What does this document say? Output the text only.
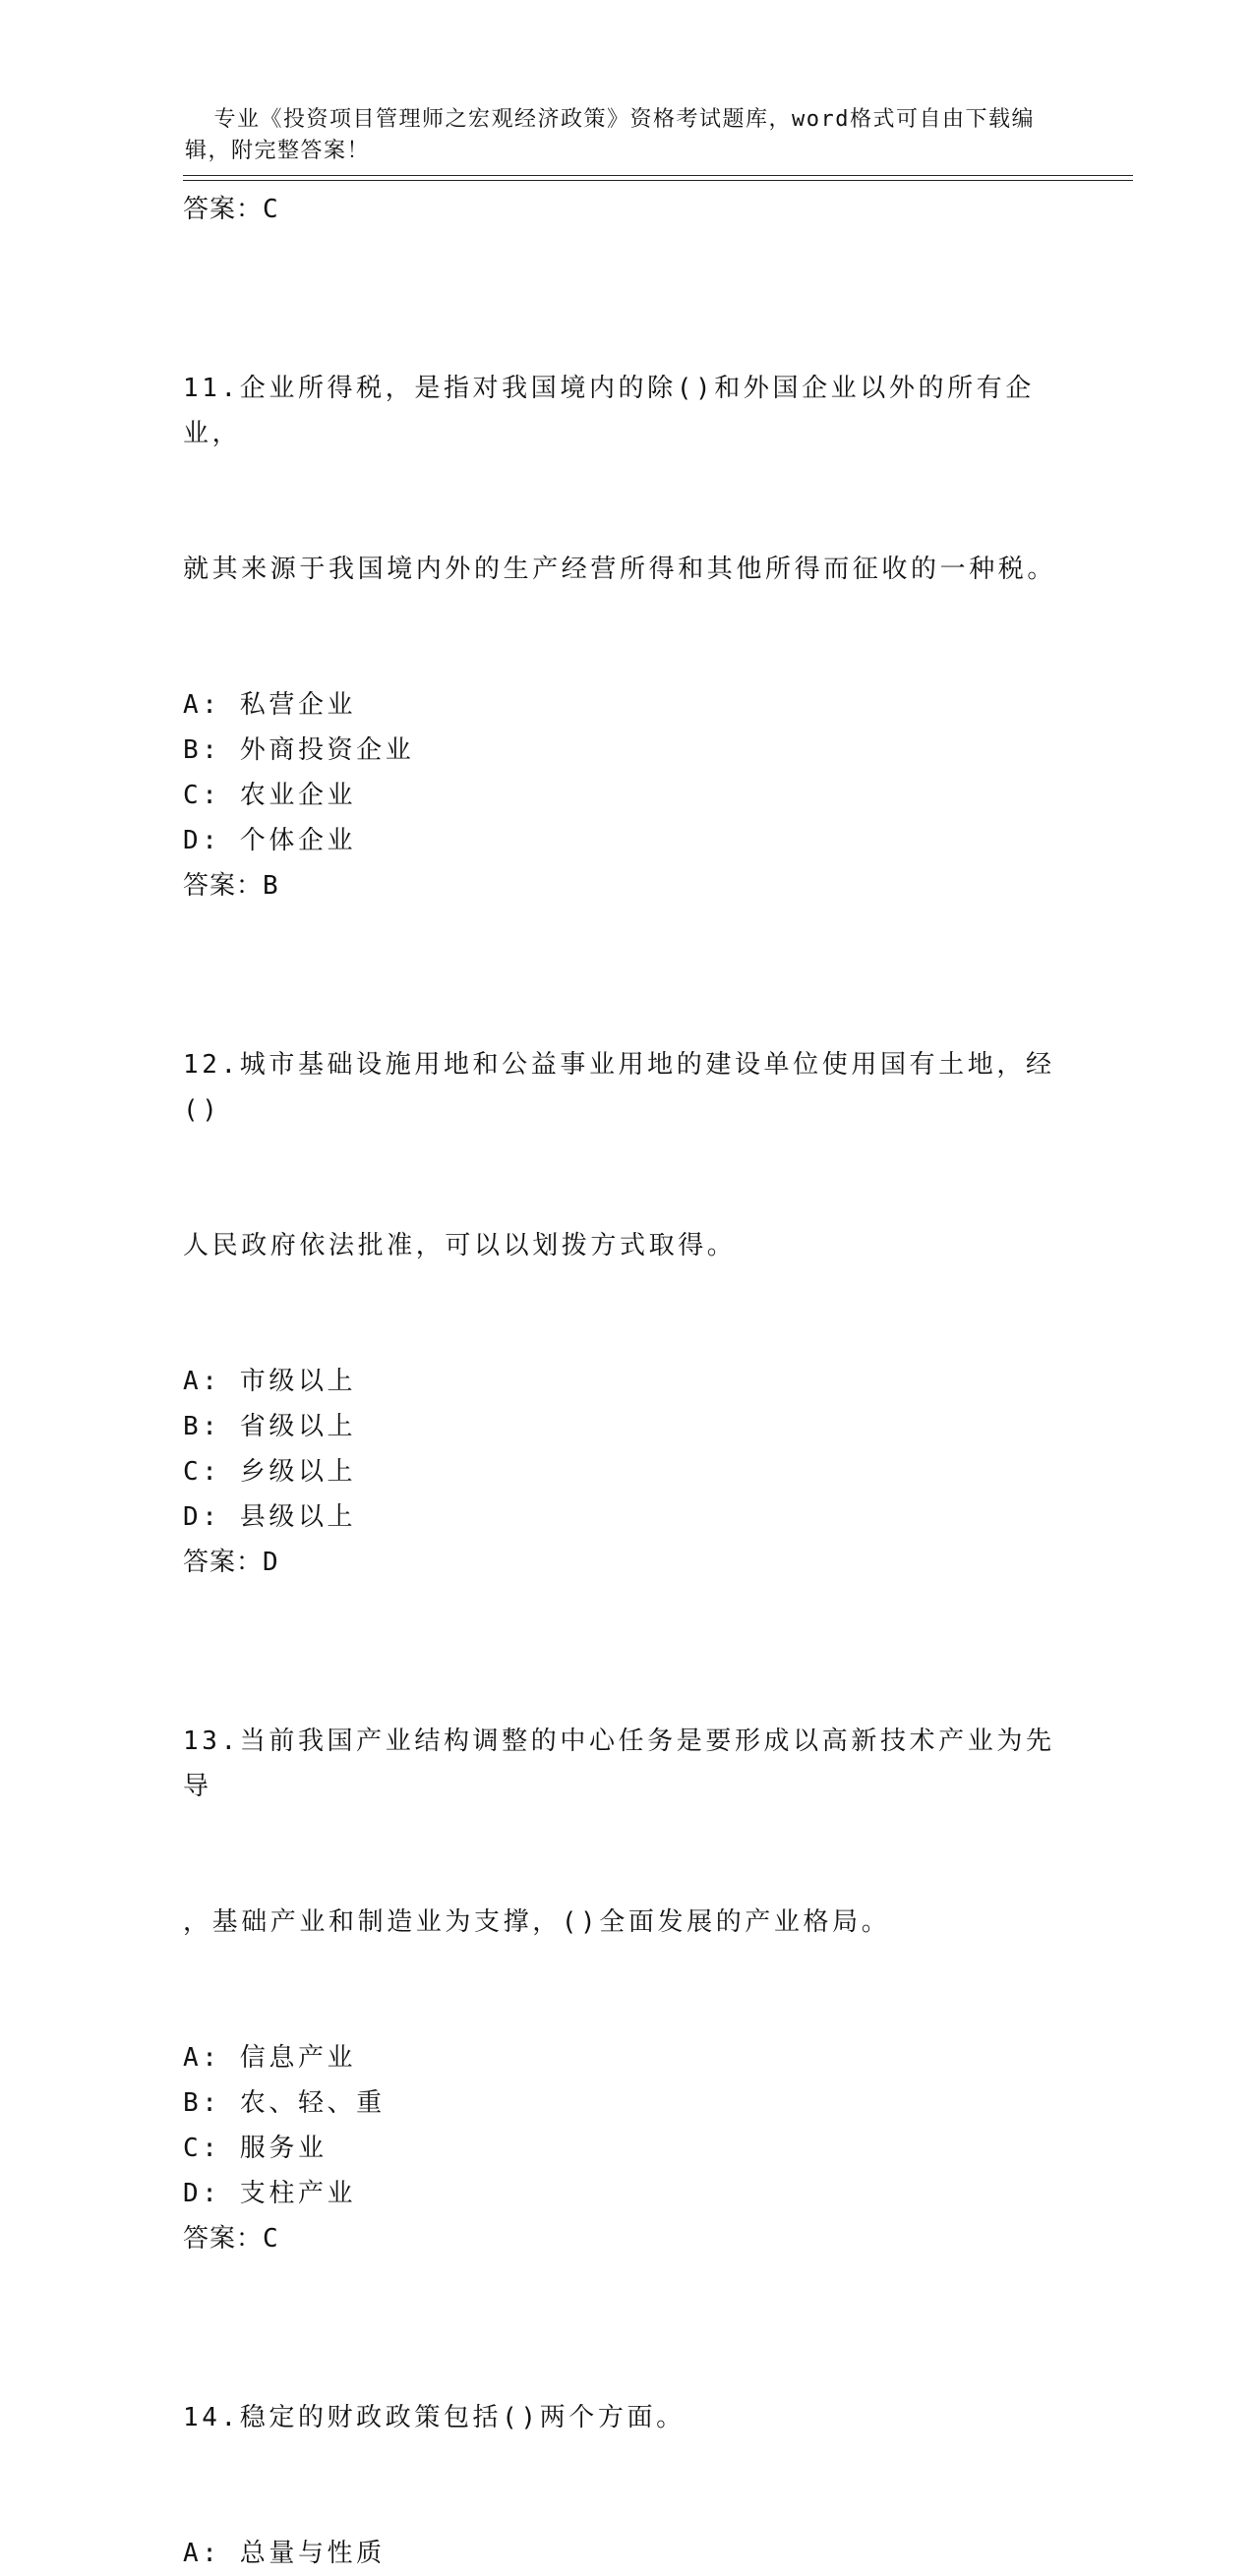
专业《投资项目管理师之宏观经济政策》资格考试题库，word格式可自由下载编辑，附完整答案！

答案：C

11.企业所得税，是指对我国境内的除()和外国企业以外的所有企业，

就其来源于我国境内外的生产经营所得和其他所得而征收的一种税。

A: 私营企业
B: 外商投资企业
C: 农业企业
D: 个体企业
答案：B

12.城市基础设施用地和公益事业用地的建设单位使用国有土地，经()

人民政府依法批准，可以以划拨方式取得。

A: 市级以上
B: 省级以上
C: 乡级以上
D: 县级以上
答案：D

13.当前我国产业结构调整的中心任务是要形成以高新技术产业为先导

，基础产业和制造业为支撑，()全面发展的产业格局。

A: 信息产业
B: 农、轻、重
C: 服务业
D: 支柱产业
答案：C

14.稳定的财政政策包括()两个方面。

A: 总量与性质
